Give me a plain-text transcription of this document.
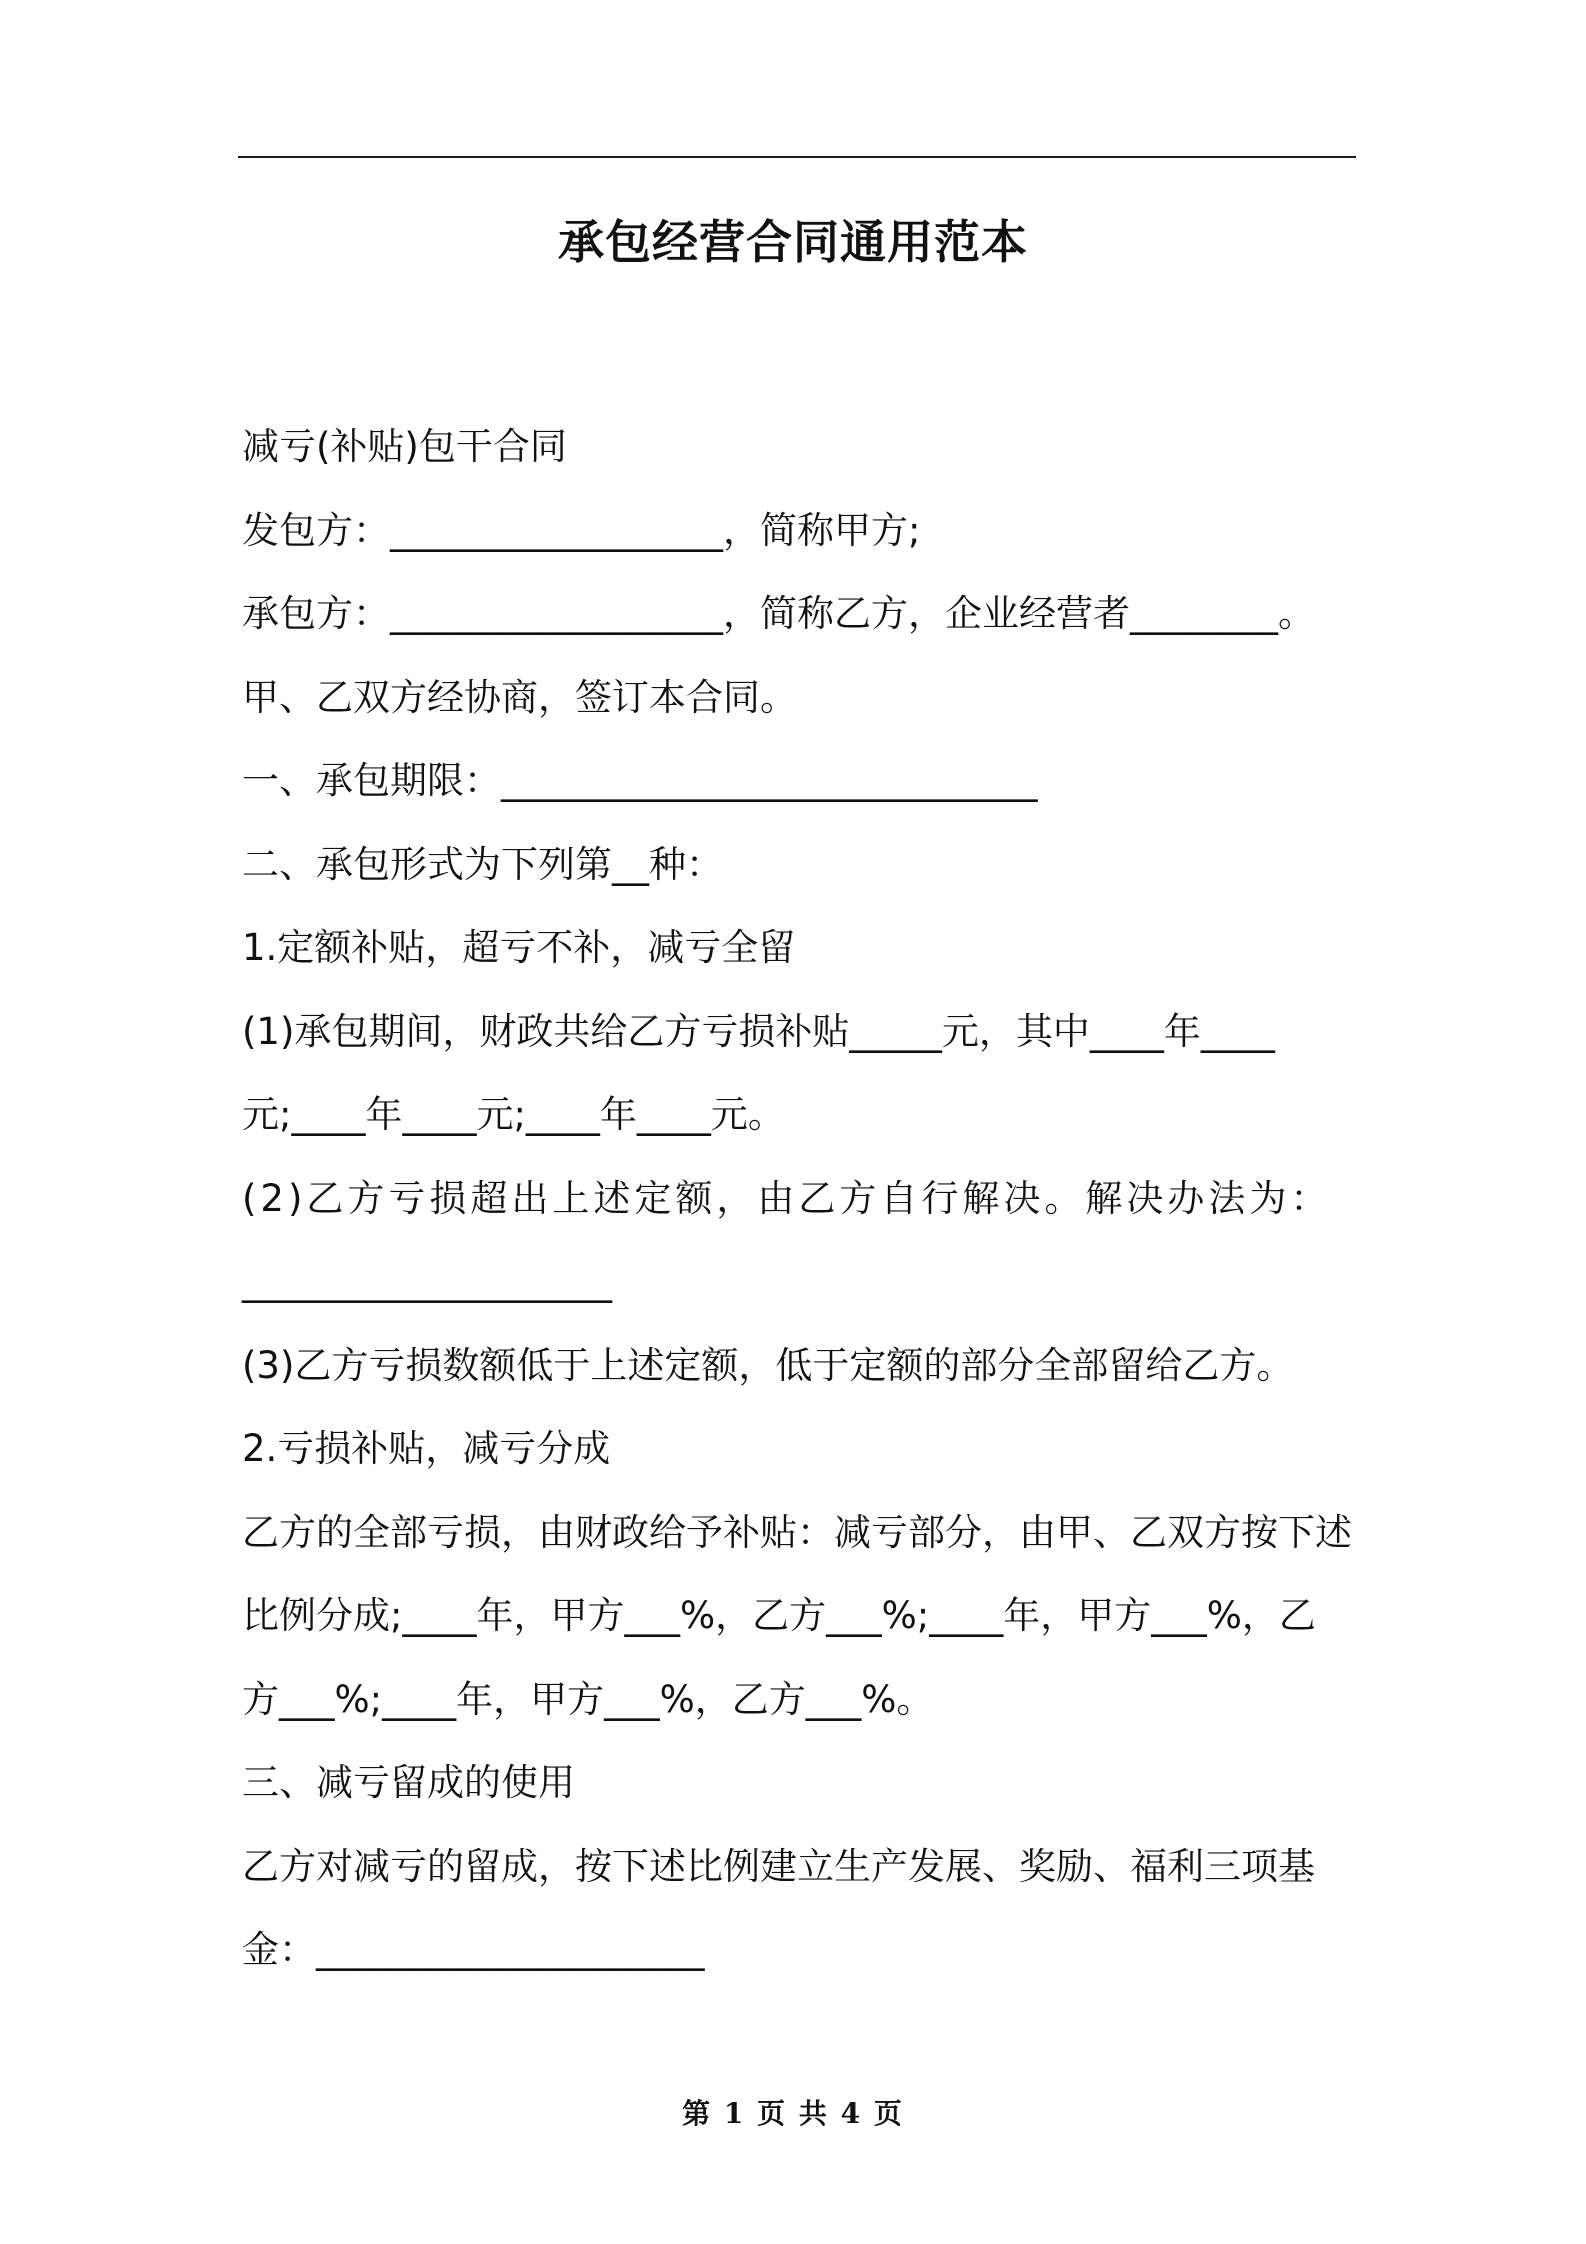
承包经营合同通用范本

减亏(补贴)包干合同

发包方：__________________，简称甲方;

承包方：__________________，简称乙方，企业经营者________。

甲、乙双方经协商，签订本合同。

一、承包期限：_____________________________

二、承包形式为下列第__种：

1.定额补贴，超亏不补，减亏全留

(1)承包期间，财政共给乙方亏损补贴_____元，其中____年____

元;____年____元;____年____元。

(2)乙方亏损超出上述定额，由乙方自行解决。解决办法为：

____________________

(3)乙方亏损数额低于上述定额，低于定额的部分全部留给乙方。

2.亏损补贴，减亏分成

乙方的全部亏损，由财政给予补贴：减亏部分，由甲、乙双方按下述

比例分成;____年，甲方___%，乙方___%;____年，甲方___%，乙

方___%;____年，甲方___%，乙方___%。

三、减亏留成的使用

乙方对减亏的留成，按下述比例建立生产发展、奖励、福利三项基

金：_____________________

第 1 页 共 4 页
